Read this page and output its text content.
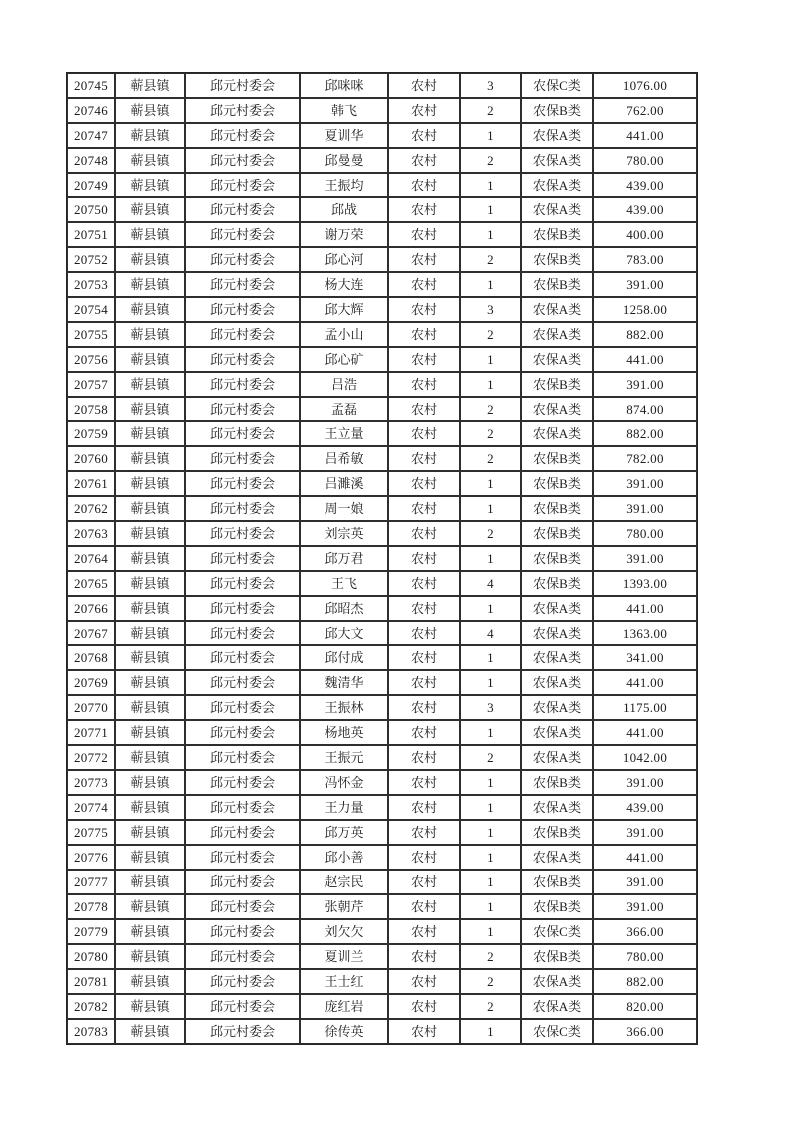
20745	蕲县镇	邱元村委会	邱咪咪	农村	3	农保C类	1076.00
20746	蕲县镇	邱元村委会	韩飞	农村	2	农保B类	762.00
20747	蕲县镇	邱元村委会	夏训华	农村	1	农保A类	441.00
20748	蕲县镇	邱元村委会	邱曼曼	农村	2	农保A类	780.00
20749	蕲县镇	邱元村委会	王振均	农村	1	农保A类	439.00
20750	蕲县镇	邱元村委会	邱战	农村	1	农保A类	439.00
20751	蕲县镇	邱元村委会	谢万荣	农村	1	农保B类	400.00
20752	蕲县镇	邱元村委会	邱心河	农村	2	农保B类	783.00
20753	蕲县镇	邱元村委会	杨大连	农村	1	农保B类	391.00
20754	蕲县镇	邱元村委会	邱大辉	农村	3	农保A类	1258.00
20755	蕲县镇	邱元村委会	孟小山	农村	2	农保A类	882.00
20756	蕲县镇	邱元村委会	邱心矿	农村	1	农保A类	441.00
20757	蕲县镇	邱元村委会	吕浩	农村	1	农保B类	391.00
20758	蕲县镇	邱元村委会	孟磊	农村	2	农保A类	874.00
20759	蕲县镇	邱元村委会	王立量	农村	2	农保A类	882.00
20760	蕲县镇	邱元村委会	吕希敏	农村	2	农保B类	782.00
20761	蕲县镇	邱元村委会	吕濉溪	农村	1	农保B类	391.00
20762	蕲县镇	邱元村委会	周一娘	农村	1	农保B类	391.00
20763	蕲县镇	邱元村委会	刘宗英	农村	2	农保B类	780.00
20764	蕲县镇	邱元村委会	邱万君	农村	1	农保B类	391.00
20765	蕲县镇	邱元村委会	王飞	农村	4	农保B类	1393.00
20766	蕲县镇	邱元村委会	邱昭杰	农村	1	农保A类	441.00
20767	蕲县镇	邱元村委会	邱大文	农村	4	农保A类	1363.00
20768	蕲县镇	邱元村委会	邱付成	农村	1	农保A类	341.00
20769	蕲县镇	邱元村委会	魏清华	农村	1	农保A类	441.00
20770	蕲县镇	邱元村委会	王振林	农村	3	农保A类	1175.00
20771	蕲县镇	邱元村委会	杨地英	农村	1	农保A类	441.00
20772	蕲县镇	邱元村委会	王振元	农村	2	农保A类	1042.00
20773	蕲县镇	邱元村委会	冯怀金	农村	1	农保B类	391.00
20774	蕲县镇	邱元村委会	王力量	农村	1	农保A类	439.00
20775	蕲县镇	邱元村委会	邱万英	农村	1	农保B类	391.00
20776	蕲县镇	邱元村委会	邱小善	农村	1	农保A类	441.00
20777	蕲县镇	邱元村委会	赵宗民	农村	1	农保B类	391.00
20778	蕲县镇	邱元村委会	张朝芹	农村	1	农保B类	391.00
20779	蕲县镇	邱元村委会	刘欠欠	农村	1	农保C类	366.00
20780	蕲县镇	邱元村委会	夏训兰	农村	2	农保B类	780.00
20781	蕲县镇	邱元村委会	王士红	农村	2	农保A类	882.00
20782	蕲县镇	邱元村委会	庞红岩	农村	2	农保A类	820.00
20783	蕲县镇	邱元村委会	徐传英	农村	1	农保C类	366.00
